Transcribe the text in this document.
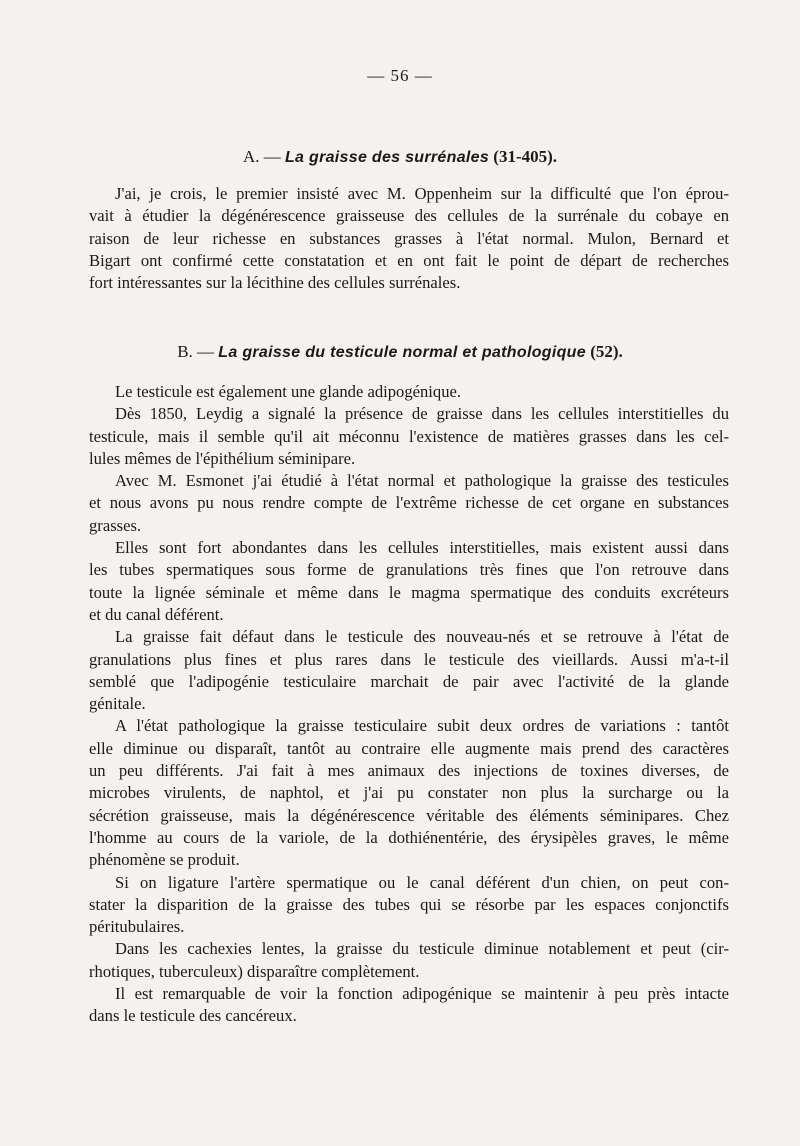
— 56 —
A. — La graisse des surrénales (31-405).
J'ai, je crois, le premier insisté avec M. Oppenheim sur la difficulté que l'on éprou-
vait à étudier la dégénérescence graisseuse des cellules de la surrénale du cobaye en
raison de leur richesse en substances grasses à l'état normal. Mulon, Bernard et
Bigart ont confirmé cette constatation et en ont fait le point de départ de recherches
fort intéressantes sur la lécithine des cellules surrénales.
B. — La graisse du testicule normal et pathologique (52).
Le testicule est également une glande adipogénique.
Dès 1850, Leydig a signalé la présence de graisse dans les cellules interstitielles du
testicule, mais il semble qu'il ait méconnu l'existence de matières grasses dans les cel-
lules mêmes de l'épithélium séminipare.
Avec M. Esmonet j'ai étudié à l'état normal et pathologique la graisse des testicules
et nous avons pu nous rendre compte de l'extrême richesse de cet organe en substances
grasses.
Elles sont fort abondantes dans les cellules interstitielles, mais existent aussi dans
les tubes spermatiques sous forme de granulations très fines que l'on retrouve dans
toute la lignée séminale et même dans le magma spermatique des conduits excréteurs
et du canal déférent.
La graisse fait défaut dans le testicule des nouveau-nés et se retrouve à l'état de
granulations plus fines et plus rares dans le testicule des vieillards. Aussi m'a-t-il
semblé que l'adipogénie testiculaire marchait de pair avec l'activité de la glande
génitale.
A l'état pathologique la graisse testiculaire subit deux ordres de variations : tantôt
elle diminue ou disparaît, tantôt au contraire elle augmente mais prend des caractères
un peu différents. J'ai fait à mes animaux des injections de toxines diverses, de
microbes virulents, de naphtol, et j'ai pu constater non plus la surcharge ou la
sécrétion graisseuse, mais la dégénérescence véritable des éléments séminipares. Chez
l'homme au cours de la variole, de la dothiénentérie, des érysipèles graves, le même
phénomène se produit.
Si on ligature l'artère spermatique ou le canal déférent d'un chien, on peut con-
stater la disparition de la graisse des tubes qui se résorbe par les espaces conjonctifs
péritubulaires.
Dans les cachexies lentes, la graisse du testicule diminue notablement et peut (cir-
rhotiques, tuberculeux) disparaître complètement.
Il est remarquable de voir la fonction adipogénique se maintenir à peu près intacte
dans le testicule des cancéreux.
